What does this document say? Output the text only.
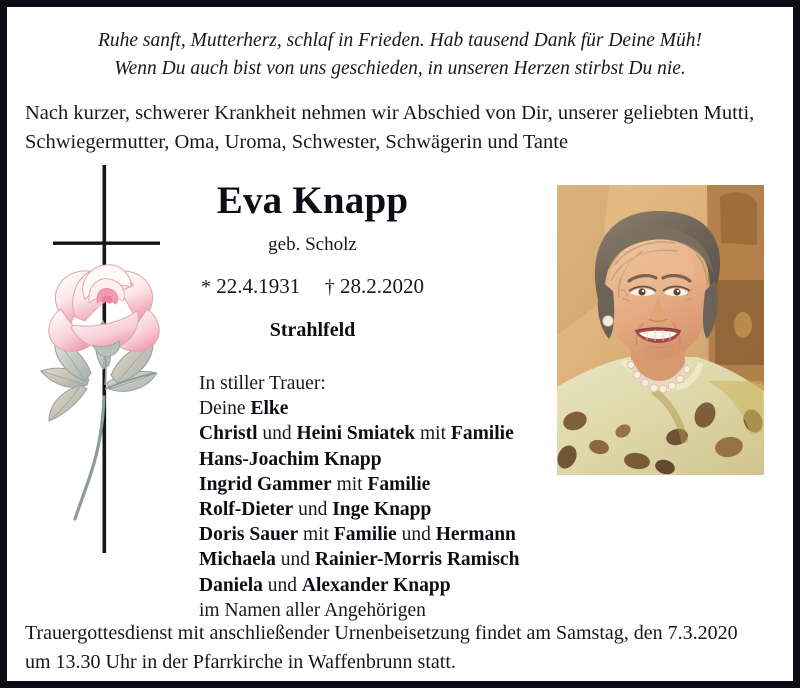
Ruhe sanft, Mutterherz, schlaf in Frieden. Hab tausend Dank für Deine Müh!
Wenn Du auch bist von uns geschieden, in unseren Herzen stirbst Du nie.
Nach kurzer, schwerer Krankheit nehmen wir Abschied von Dir, unserer geliebten Mutti,
Schwiegermutter, Oma, Uroma, Schwester, Schwägerin und Tante
Eva Knapp
geb. Scholz
* 22.4.1931 † 28.2.2020
Strahlfeld
In stiller Trauer:
Deine Elke
Christl und Heini Smiatek mit Familie
Hans-Joachim Knapp
Ingrid Gammer mit Familie
Rolf-Dieter und Inge Knapp
Doris Sauer mit Familie und Hermann
Michaela und Rainier-Morris Ramisch
Daniela und Alexander Knapp
im Namen aller Angehörigen
Trauergottesdienst mit anschließender Urnenbeisetzung findet am Samstag, den 7.3.2020
um 13.30 Uhr in der Pfarrkirche in Waffenbrunn statt.
